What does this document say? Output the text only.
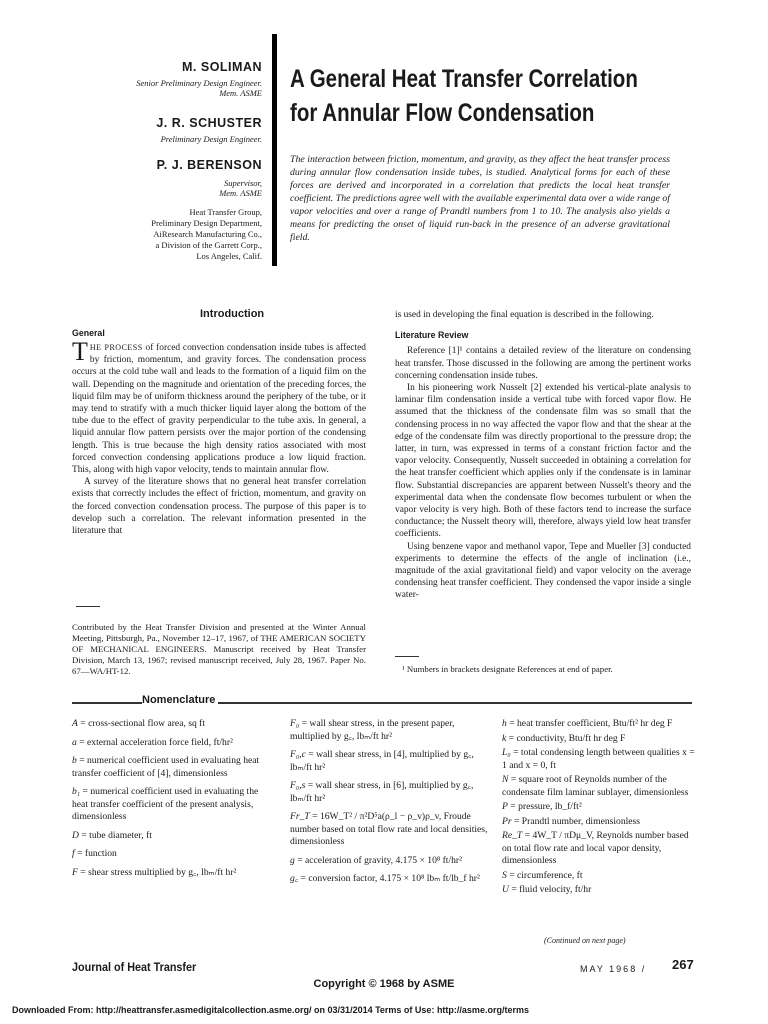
M. SOLIMAN
Senior Preliminary Design Engineer.
Mem. ASME
J. R. SCHUSTER
Preliminary Design Engineer.
P. J. BERENSON
Supervisor,
Mem. ASME
Heat Transfer Group,
Preliminary Design Department,
AiResearch Manufacturing Co.,
a Division of the Garrett Corp.,
Los Angeles, Calif.
A General Heat Transfer Correlation
for Annular Flow Condensation
The interaction between friction, momentum, and gravity, as they affect the heat transfer process during annular flow condensation inside tubes, is studied. Analytical forms for each of these forces are derived and incorporated in a correlation that predicts the local heat transfer coefficient. The predictions agree well with the available experimental data over a wide range of vapor velocities and over a range of Prandtl numbers from 1 to 10. The analysis also yields a means for predicting the onset of liquid run-back in the presence of an adverse gravitational field.
Introduction
General

THE PROCESS of forced convection condensation inside tubes is affected by friction, momentum, and gravity forces. The condensation process occurs at the cold tube wall and leads to the formation of a liquid film on the wall. Depending on the magnitude and orientation of the preceding forces, the liquid film may be of uniform thickness around the periphery of the tube, or it may tend to stratify with a much thicker liquid layer along the bottom of the tube due to the effect of gravity perpendicular to the tube axis. In general, a liquid annular flow pattern persists over the major portion of the condensing length. This is true because the high density ratios associated with most forced convection condensing applications produce a low liquid fraction. This, along with high vapor velocity, tends to maintain annular flow.

A survey of the literature shows that no general heat transfer correlation exists that correctly includes the effect of friction, momentum, and gravity on the forced convection condensation process. The purpose of this paper is to develop such a correlation. The relevant information presented in the literature that

Contributed by the Heat Transfer Division and presented at the Winter Annual Meeting, Pittsburgh, Pa., November 12–17, 1967, of THE AMERICAN SOCIETY OF MECHANICAL ENGINEERS. Manuscript received by Heat Transfer Division, March 13, 1967; revised manuscript received, July 28, 1967. Paper No. 67—WA/HT-12.

is used in developing the final equation is described in the following.

Literature Review

Reference [1]¹ contains a detailed review of the literature on condensing heat transfer. Those discussed in the following are among the pertinent works concerning condensation inside tubes.

In his pioneering work Nusselt [2] extended his vertical-plate analysis to laminar film condensation inside a vertical tube with forced vapor flow. He assumed that the thickness of the condensate film was so small that the condensing process in no way affected the vapor flow and that the shear at the edge of the condensate film was directly proportional to the pressure drop; the latter, in turn, was expressed in terms of a constant friction factor and the vapor velocity. Consequently, Nusselt succeeded in obtaining a correlation for the heat transfer coefficient which applies only if the condensate is in laminar flow. Substantial discrepancies are apparent between Nusselt's theory and the experimental data when the condensate flow becomes turbulent or when the vapor velocity is very high. Both of these factors tend to increase the surface conductance; the Nusselt theory will, therefore, always yield low heat transfer coefficients.

Using benzene vapor and methanol vapor, Tepe and Mueller [3] conducted experiments to determine the effects of the angle of inclination (i.e., magnitude of the axial gravitational field) and vapor velocity on the average condensing heat transfer coefficient. They condensed the vapor inside a single water-

¹ Numbers in brackets designate References at end of paper.
Nomenclature
A = cross-sectional flow area, sq ft
a = external acceleration force field, ft/hr²
b = numerical coefficient used in evaluating heat transfer coefficient of [4], dimensionless
b₁ = numerical coefficient used in evaluating the heat transfer coefficient of the present analysis, dimensionless
D = tube diameter, ft
f = function
F = shear stress multiplied by g꜀, lbₘ/ft hr²
F₀ = wall shear stress, in the present paper, multiplied by g꜀, lbₘ/ft hr²
F₀,c = wall shear stress, in [4], multiplied by g꜀, lbₘ/ft hr²
F₀,s = wall shear stress, in [6], multiplied by g꜀, lbₘ/ft hr²
Fr_T = 16W_T² / π²D⁵a(ρ_l − ρ_v)ρ_v, Froude number based on total flow rate and local densities, dimensionless
g = acceleration of gravity, 4.175 × 10⁸ ft/hr²
g꜀ = conversion factor, 4.175 × 10⁸ lbₘ ft/lb_f hr²
h = heat transfer coefficient, Btu/ft² hr deg F
k = conductivity, Btu/ft hr deg F
L₀ = total condensing length between qualities x = 1 and x = 0, ft
N = square root of Reynolds number of the condensate film laminar sublayer, dimensionless
P = pressure, lb_f/ft²
Pr = Prandtl number, dimensionless
Re_T = 4W_T / πDμ_V, Reynolds number based on total flow rate and local vapor density, dimensionless
S = circumference, ft
U = fluid velocity, ft/hr
(Continued on next page)
Journal of Heat Transfer	MAY 1968 / 267
Copyright © 1968 by ASME
Downloaded From: http://heattransfer.asmedigitalcollection.asme.org/ on 03/31/2014 Terms of Use: http://asme.org/terms
